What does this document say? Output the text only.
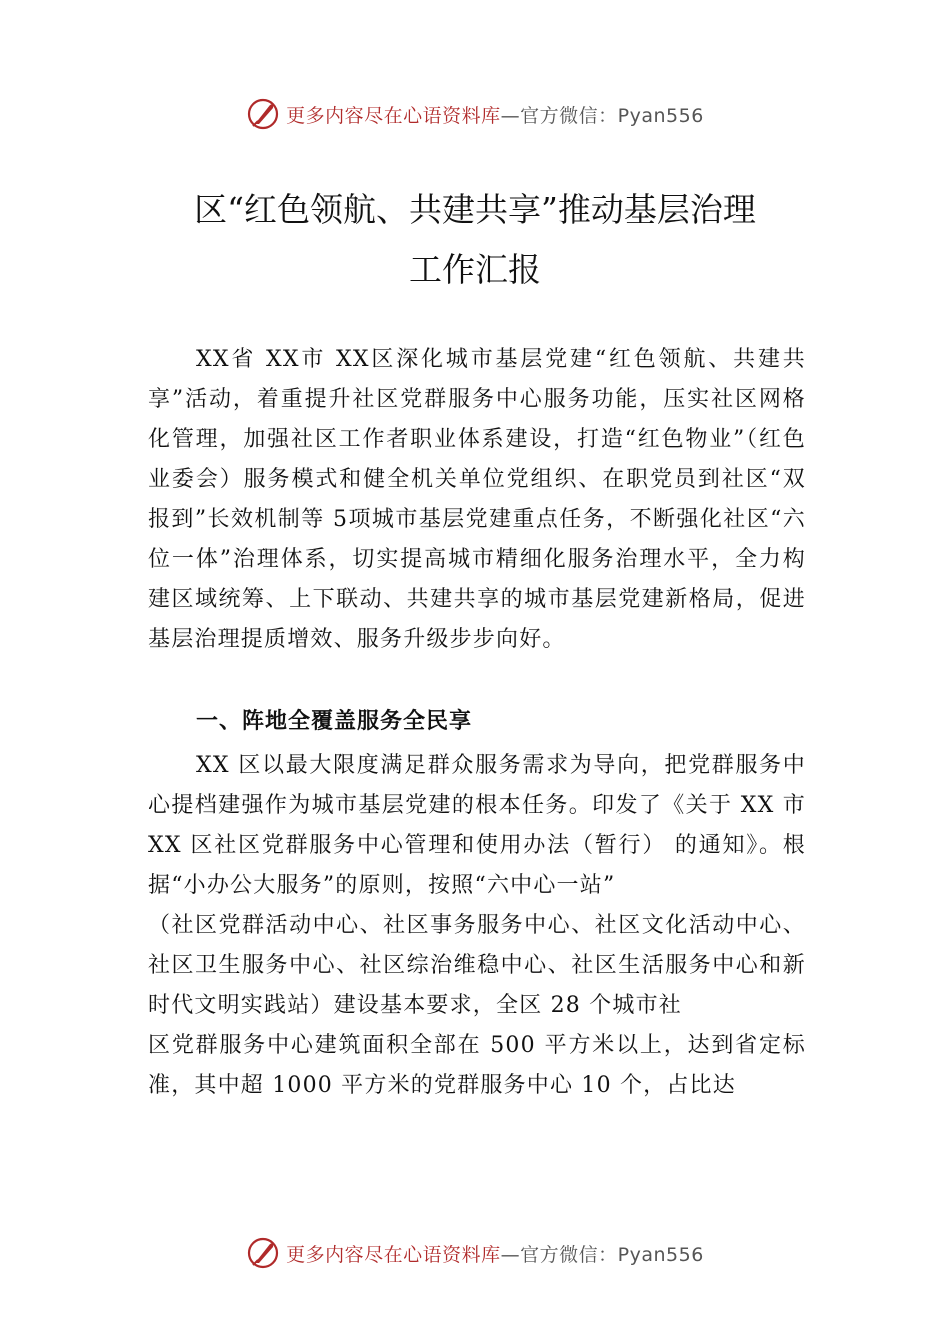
更多内容尽在心语资料库—官方微信：Pyan556
区“红色领航、共建共享”推动基层治理
工作汇报

XX省 XX市 XX区深化城市基层党建“红色领航、共建共享”活动，着重提升社区党群服务中心服务功能，压实社区网格化管理，加强社区工作者职业体系建设，打造“红色物业”（红色业委会）服务模式和健全机关单位党组织、在职党员到社区“双报到”长效机制等 5项城市基层党建重点任务，不断强化社区“六位一体”治理体系，切实提高城市精细化服务治理水平，全力构建区域统筹、上下联动、共建共享的城市基层党建新格局，促进基层治理提质增效、服务升级步步向好。

一、阵地全覆盖服务全民享

XX 区以最大限度满足群众服务需求为导向，把党群服务中心提档建强作为城市基层党建的根本任务。印发了《关于 XX 市 XX 区社区党群服务中心管理和使用办法（暂行） 的通知》。根据“小办公大服务”的原则，按照“六中心一站”

（社区党群活动中心、社区事务服务中心、社区文化活动中心、社区卫生服务中心、社区综治维稳中心、社区生活服务中心和新时代文明实践站）建设基本要求，全区 28 个城市社

区党群服务中心建筑面积全部在 500 平方米以上，达到省定标准，其中超 1000 平方米的党群服务中心 10 个，占比达

更多内容尽在心语资料库—官方微信：Pyan556
